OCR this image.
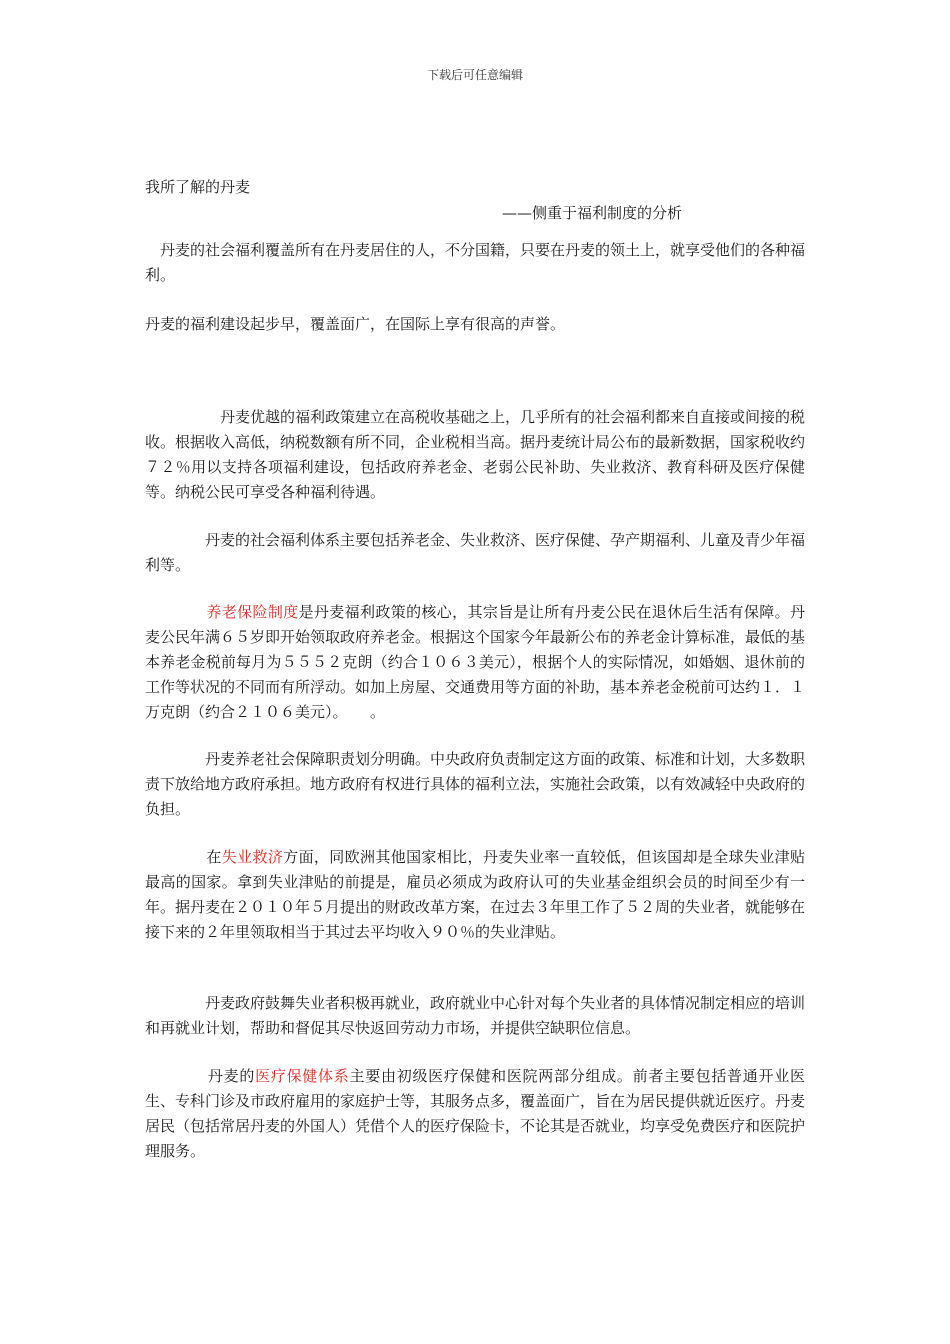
下载后可任意编辑
我所了解的丹麦
——侧重于福利制度的分析

　丹麦的社会福利覆盖所有在丹麦居住的人，不分国籍，只要在丹麦的领土上，就享受他们的各种福利。

丹麦的福利建设起步早，覆盖面广，在国际上享有很高的声誉。

　　　　　丹麦优越的福利政策建立在高税收基础之上，几乎所有的社会福利都来自直接或间接的税收。根据收入高低，纳税数额有所不同，企业税相当高。据丹麦统计局公布的最新数据，国家税收约７２％用以支持各项福利建设，包括政府养老金、老弱公民补助、失业救济、教育科研及医疗保健等。纳税公民可享受各种福利待遇。

　　　　丹麦的社会福利体系主要包括养老金、失业救济、医疗保健、孕产期福利、儿童及青少年福利等。

　　　　养老保险制度是丹麦福利政策的核心，其宗旨是让所有丹麦公民在退休后生活有保障。丹麦公民年满６５岁即开始领取政府养老金。根据这个国家今年最新公布的养老金计算标准，最低的基本养老金税前每月为５５５２克朗（约合１０６３美元），根据个人的实际情况，如婚姻、退休前的工作等状况的不同而有所浮动。如加上房屋、交通费用等方面的补助，基本养老金税前可达约１．１万克朗（约合２１０６美元）。　　。

　　　　丹麦养老社会保障职责划分明确。中央政府负责制定这方面的政策、标准和计划，大多数职责下放给地方政府承担。地方政府有权进行具体的福利立法，实施社会政策，以有效减轻中央政府的负担。

　　　　在失业救济方面，同欧洲其他国家相比，丹麦失业率一直较低，但该国却是全球失业津贴最高的国家。拿到失业津贴的前提是，雇员必须成为政府认可的失业基金组织会员的时间至少有一年。据丹麦在２０１０年５月提出的财政改革方案，在过去３年里工作了５２周的失业者，就能够在接下来的２年里领取相当于其过去平均收入９０％的失业津贴。

　　　　丹麦政府鼓舞失业者积极再就业，政府就业中心针对每个失业者的具体情况制定相应的培训和再就业计划，帮助和督促其尽快返回劳动力市场，并提供空缺职位信息。

　　　　丹麦的医疗保健体系主要由初级医疗保健和医院两部分组成。前者主要包括普通开业医生、专科门诊及市政府雇用的家庭护士等，其服务点多，覆盖面广，旨在为居民提供就近医疗。丹麦居民（包括常居丹麦的外国人）凭借个人的医疗保险卡，不论其是否就业，均享受免费医疗和医院护理服务。
